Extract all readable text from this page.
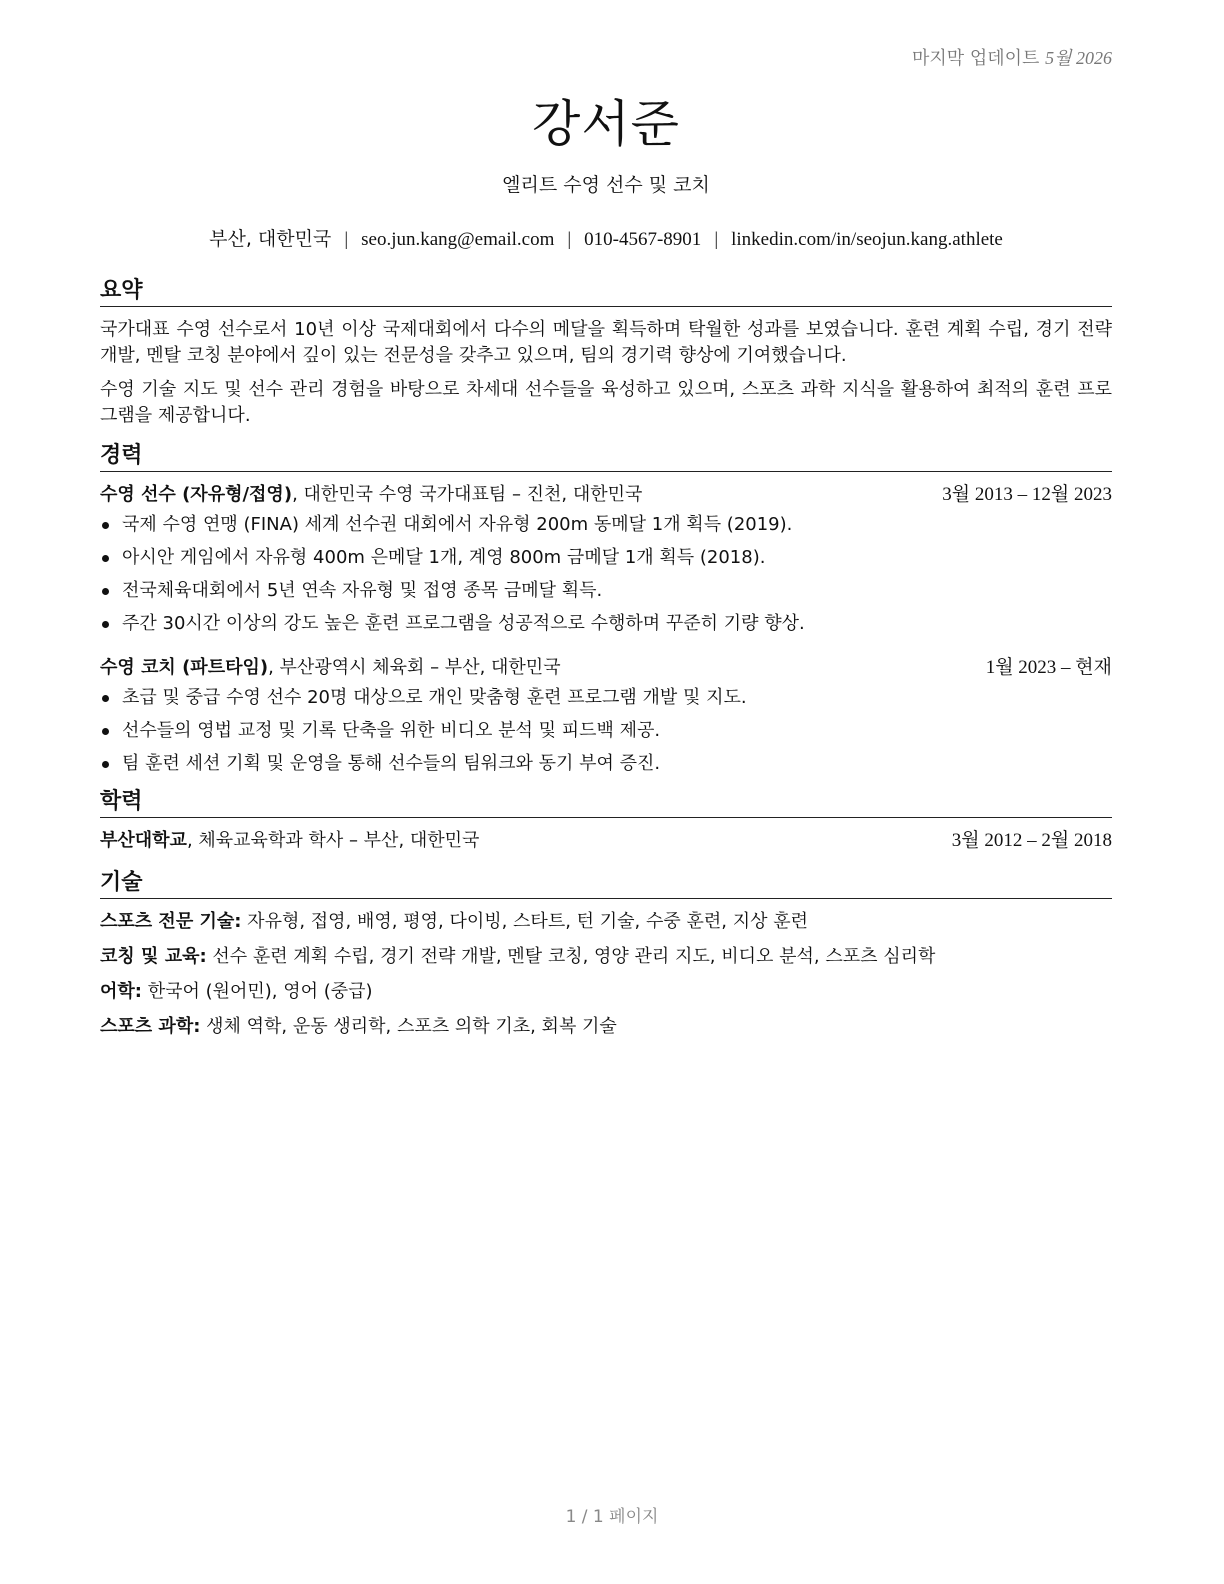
마지막 업데이트 5월 2026
강서준
엘리트 수영 선수 및 코치
부산, 대한민국 | seo.jun.kang@email.com | 010-4567-8901 | linkedin.com/in/seojun.kang.athlete
요약

국가대표 수영 선수로서 10년 이상 국제대회에서 다수의 메달을 획득하며 탁월한 성과를 보였습니다. 훈련 계획 수립, 경기 전략 개발, 멘탈 코칭 분야에서 깊이 있는 전문성을 갖추고 있으며, 팀의 경기력 향상에 기여했습니다.

수영 기술 지도 및 선수 관리 경험을 바탕으로 차세대 선수들을 육성하고 있으며, 스포츠 과학 지식을 활용하여 최적의 훈련 프로그램을 제공합니다.

경력
수영 선수 (자유형/접영), 대한민국 수영 국가대표팀 – 진천, 대한민국	3월 2013 – 12월 2023
국제 수영 연맹 (FINA) 세계 선수권 대회에서 자유형 200m 동메달 1개 획득 (2019).
아시안 게임에서 자유형 400m 은메달 1개, 계영 800m 금메달 1개 획득 (2018).
전국체육대회에서 5년 연속 자유형 및 접영 종목 금메달 획득.
주간 30시간 이상의 강도 높은 훈련 프로그램을 성공적으로 수행하며 꾸준히 기량 향상.
수영 코치 (파트타임), 부산광역시 체육회 – 부산, 대한민국	1월 2023 – 현재
초급 및 중급 수영 선수 20명 대상으로 개인 맞춤형 훈련 프로그램 개발 및 지도.
선수들의 영법 교정 및 기록 단축을 위한 비디오 분석 및 피드백 제공.
팀 훈련 세션 기획 및 운영을 통해 선수들의 팀워크와 동기 부여 증진.
학력
부산대학교, 체육교육학과 학사 – 부산, 대한민국	3월 2012 – 2월 2018
기술
스포츠 전문 기술: 자유형, 접영, 배영, 평영, 다이빙, 스타트, 턴 기술, 수중 훈련, 지상 훈련
코칭 및 교육: 선수 훈련 계획 수립, 경기 전략 개발, 멘탈 코칭, 영양 관리 지도, 비디오 분석, 스포츠 심리학
어학: 한국어 (원어민), 영어 (중급)
스포츠 과학: 생체 역학, 운동 생리학, 스포츠 의학 기초, 회복 기술
1 / 1 페이지
